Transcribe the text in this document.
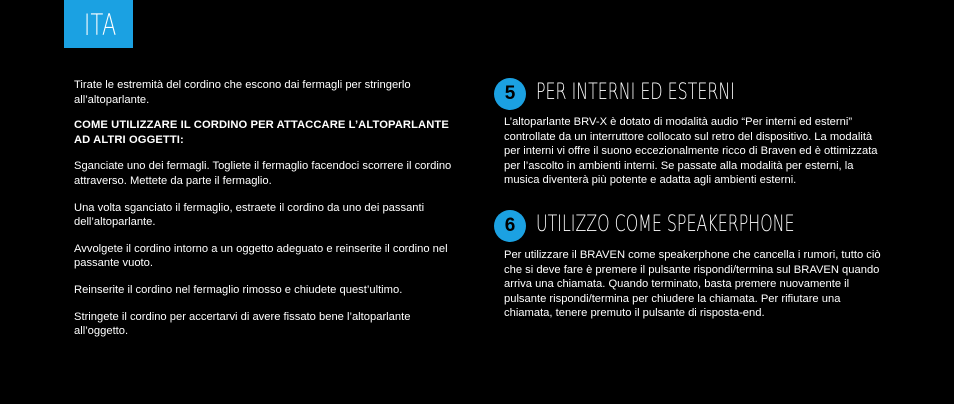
ITA

Tirate le estremità del cordino che escono dai fermagli per stringerlo all’altoparlante.

COME UTILIZZARE IL CORDINO PER ATTACCARE L’ALTOPARLANTE AD ALTRI OGGETTI:

Sganciate uno dei fermagli. Togliete il fermaglio facendoci scorrere il cordino attraverso. Mettete da parte il fermaglio.

Una volta sganciato il fermaglio, estraete il cordino da uno dei passanti dell’altoparlante.

Avvolgete il cordino intorno a un oggetto adeguato e reinserite il cordino nel passante vuoto.

Reinserite il cordino nel fermaglio rimosso e chiudete quest’ultimo.

Stringete il cordino per accertarvi di avere fissato bene l’altoparlante all’oggetto.

5 PER INTERNI ED ESTERNI

L’altoparlante BRV-X è dotato di modalità audio “Per interni ed esterni” controllate da un interruttore collocato sul retro del dispositivo. La modalità per interni vi offre il suono eccezionalmente ricco di Braven ed è ottimizzata per l’ascolto in ambienti interni. Se passate alla modalità per esterni, la musica diventerà più potente e adatta agli ambienti esterni.

6 UTILIZZO COME SPEAKERPHONE

Per utilizzare il BRAVEN come speakerphone che cancella i rumori, tutto ciò che si deve fare è premere il pulsante rispondi/termina sul BRAVEN quando arriva una chiamata. Quando terminato, basta premere nuovamente il pulsante rispondi/termina per chiudere la chiamata. Per rifiutare una chiamata, tenere premuto il pulsante di risposta-end.
